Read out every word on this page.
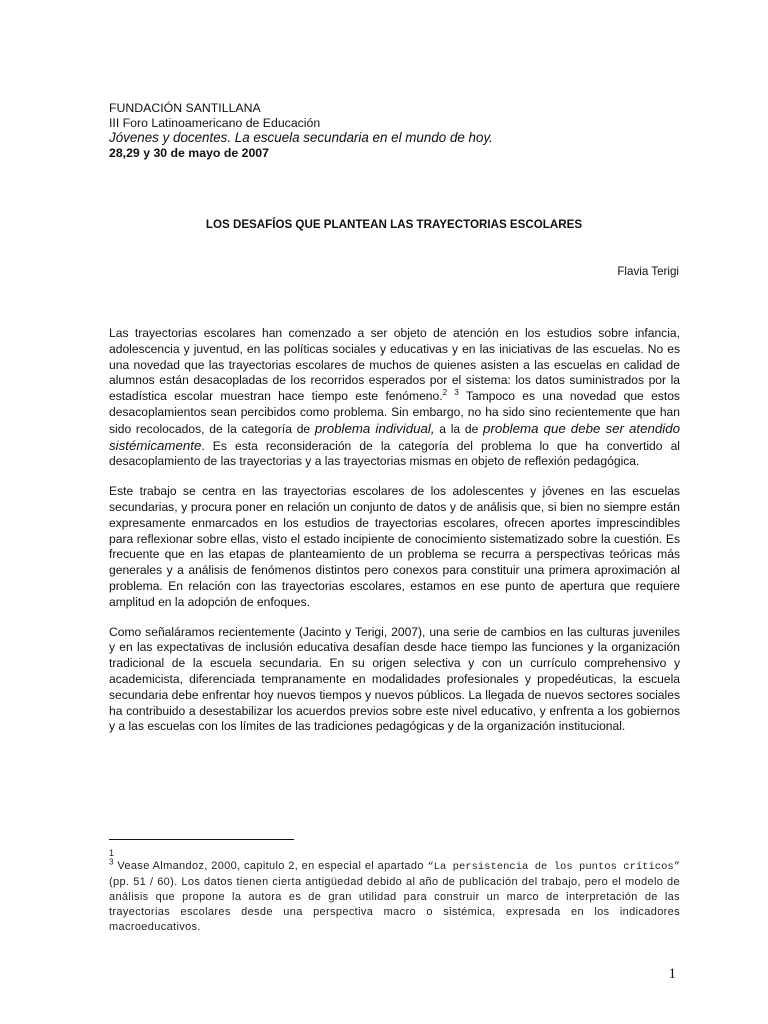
FUNDACIÓN SANTILLANA
III Foro Latinoamericano de Educación
Jóvenes y docentes. La escuela secundaria en el mundo de hoy.
28,29 y 30 de mayo de 2007
LOS DESAFÍOS QUE PLANTEAN LAS TRAYECTORIAS ESCOLARES
Flavia Terigi

Las trayectorias escolares han comenzado a ser objeto de atención en los estudios sobre infancia, adolescencia y juventud, en las políticas sociales y educativas y en las iniciativas de las escuelas. No es una novedad que las trayectorias escolares de muchos de quienes asisten a las escuelas en calidad de alumnos están desacopladas de los recorridos esperados por el sistema: los datos suministrados por la estadística escolar muestran hace tiempo este fenómeno.$^2$ $^3$ Tampoco es una novedad que estos desacoplamientos sean percibidos como problema. Sin embargo, no ha sido sino recientemente que han sido recolocados, de la categoría de problema individual, a la de problema que debe ser atendido sistémicamente. Es esta reconsideración de la categoría del problema lo que ha convertido al desacoplamiento de las trayectorias y a las trayectorias mismas en objeto de reflexión pedagógica.

Este trabajo se centra en las trayectorias escolares de los adolescentes y jóvenes en las escuelas secundarias, y procura poner en relación un conjunto de datos y de análisis que, si bien no siempre están expresamente enmarcados en los estudios de trayectorias escolares, ofrecen aportes imprescindibles para reflexionar sobre ellas, visto el estado incipiente de conocimiento sistematizado sobre la cuestión. Es frecuente que en las etapas de planteamiento de un problema se recurra a perspectivas teóricas más generales y a análisis de fenómenos distintos pero conexos para constituir una primera aproximación al problema. En relación con las trayectorias escolares, estamos en ese punto de apertura que requiere amplitud en la adopción de enfoques.

Como señaláramos recientemente (Jacinto y Terigi, 2007), una serie de cambios en las culturas juveniles y en las expectativas de inclusión educativa desafían desde hace tiempo las funciones y la organización tradicional de la escuela secundaria. En su origen selectiva y con un currículo comprehensivo y academicista, diferenciada tempranamente en modalidades profesionales y propedéuticas, la escuela secundaria debe enfrentar hoy nuevos tiempos y nuevos públicos. La llegada de nuevos sectores sociales ha contribuido a desestabilizar los acuerdos previos sobre este nivel educativo, y enfrenta a los gobiernos y a las escuelas con los límites de las tradiciones pedagógicas y de la organización institucional.

1
$^3$ Vease Almandoz, 2000, capitulo 2, en especial el apartado “La persistencia de los puntos críticos” (pp. 51 / 60). Los datos tienen cierta antigüedad debido al año de publicación del trabajo, pero el modelo de análisis que propone la autora es de gran utilidad para construir un marco de interpretación de las trayectorias escolares desde una perspectiva macro o sistémica, expresada en los indicadores macroeducativos.
1
